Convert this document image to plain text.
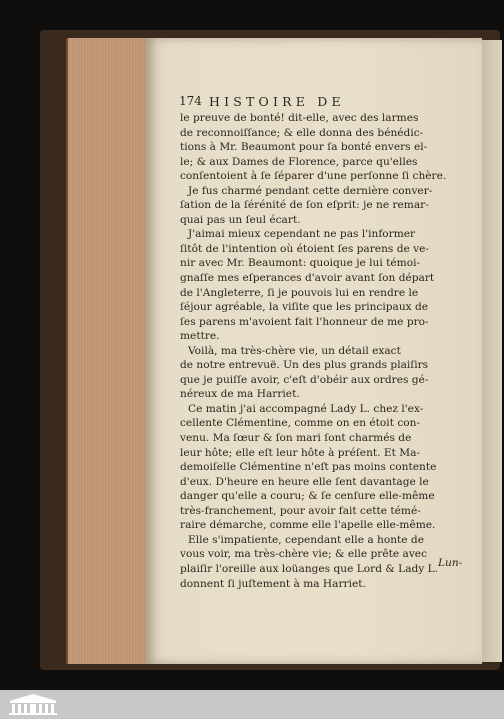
174 HISTOIRE DE
le preuve de bonté! dit-elle, avec des larmes
de reconnoiſſance; & elle donna des bénédic-
tions à Mr. Beaumont pour ſa bonté envers el-
le; & aux Dames de Florence, parce qu'elles
conſentoient à ſe ſéparer d'une perſonne ſi chère.
Je fus charmé pendant cette dernière conver-
ſation de la ſérénité de ſon eſprit: je ne remar-
quai pas un ſeul écart.
J'aimai mieux cependant ne pas l'informer
ſitôt de l'intention où étoient ſes parens de ve-
nir avec Mr. Beaumont: quoique je lui témoi-
gnaſſe mes eſperances d'avoir avant ſon départ
de l'Angleterre, ſi je pouvois lui en rendre le
ſéjour agréable, la viſite que les principaux de
ſes parens m'avoient fait l'honneur de me pro-
mettre.
Voilà, ma très-chère vie, un détail exact
de notre entrevuë. Un des plus grands plaiſirs
que je puiſſe avoir, c'eſt d'obéir aux ordres gé-
néreux de ma Harriet.
Ce matin j'ai accompagné Lady L. chez l'ex-
cellente Clémentine, comme on en étoit con-
venu. Ma ſœur & ſon mari ſont charmés de
leur hôte; elle eſt leur hôte à préſent. Et Ma-
demoiſelle Clémentine n'eſt pas moins contente
d'eux. D'heure en heure elle ſent davantage le
danger qu'elle a couru; & ſe cenſure elle-même
très-franchement, pour avoir fait cette témé-
raire démarche, comme elle l'apelle elle-même.
Elle s'impatiente, cependant elle a honte de
vous voir, ma très-chère vie; & elle prête avec
plaiſir l'oreille aux loüanges que Lord & Lady L.
donnent ſi juſtement à ma Harriet.
Lun-
